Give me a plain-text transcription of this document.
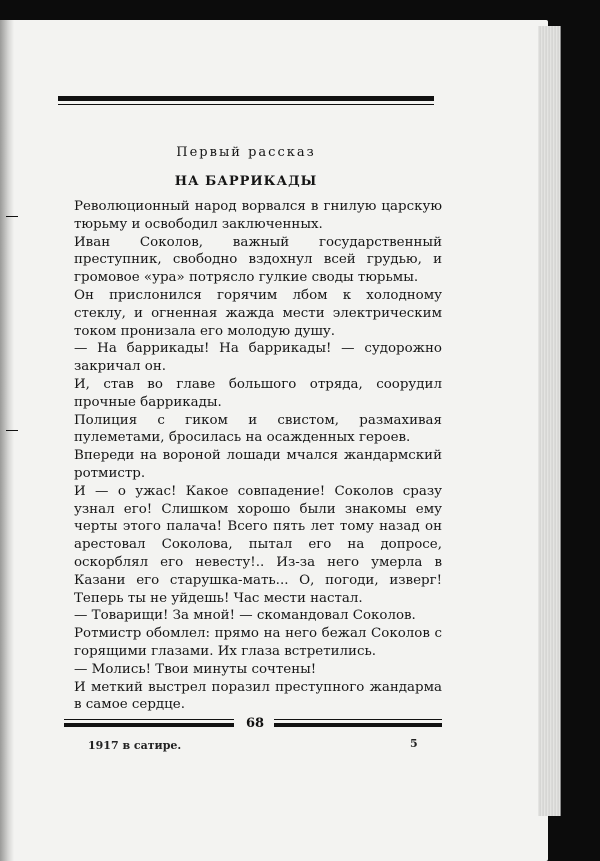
Первый рассказ
НА БАРРИКАДЫ

Революционный народ ворвался в гнилую царскую тюрьму и освободил заключенных.

Иван Соколов, важный государственный преступник, свободно вздохнул всей грудью, и громовое «ура» потрясло гулкие своды тюрьмы.

Он прислонился горячим лбом к холодному стеклу, и огненная жажда мести электрическим током пронизала его молодую душу.

— На баррикады! На баррикады! — судорожно закричал он.

И, став во главе большого отряда, соорудил прочные баррикады.

Полиция с гиком и свистом, размахивая пулеметами, бросилась на осажденных героев.

Впереди на вороной лошади мчался жандармский ротмистр.

И — о ужас! Какое совпадение! Соколов сразу узнал его! Слишком хорошо были знакомы ему черты этого палача! Всего пять лет тому назад он арестовал Соколова, пытал его на допросе, оскорблял его невесту!.. Из-за него умерла в Казани его старушка-мать... О, погоди, изверг! Теперь ты не уйдешь! Час мести настал.

— Товарищи! За мной! — скомандовал Соколов.

Ротмистр обомлел: прямо на него бежал Соколов с горящими глазами. Их глаза встретились.

— Молись! Твои минуты сочтены!

И меткий выстрел поразил преступного жандарма в самое сердце.

68
1917 в сатире.	5
